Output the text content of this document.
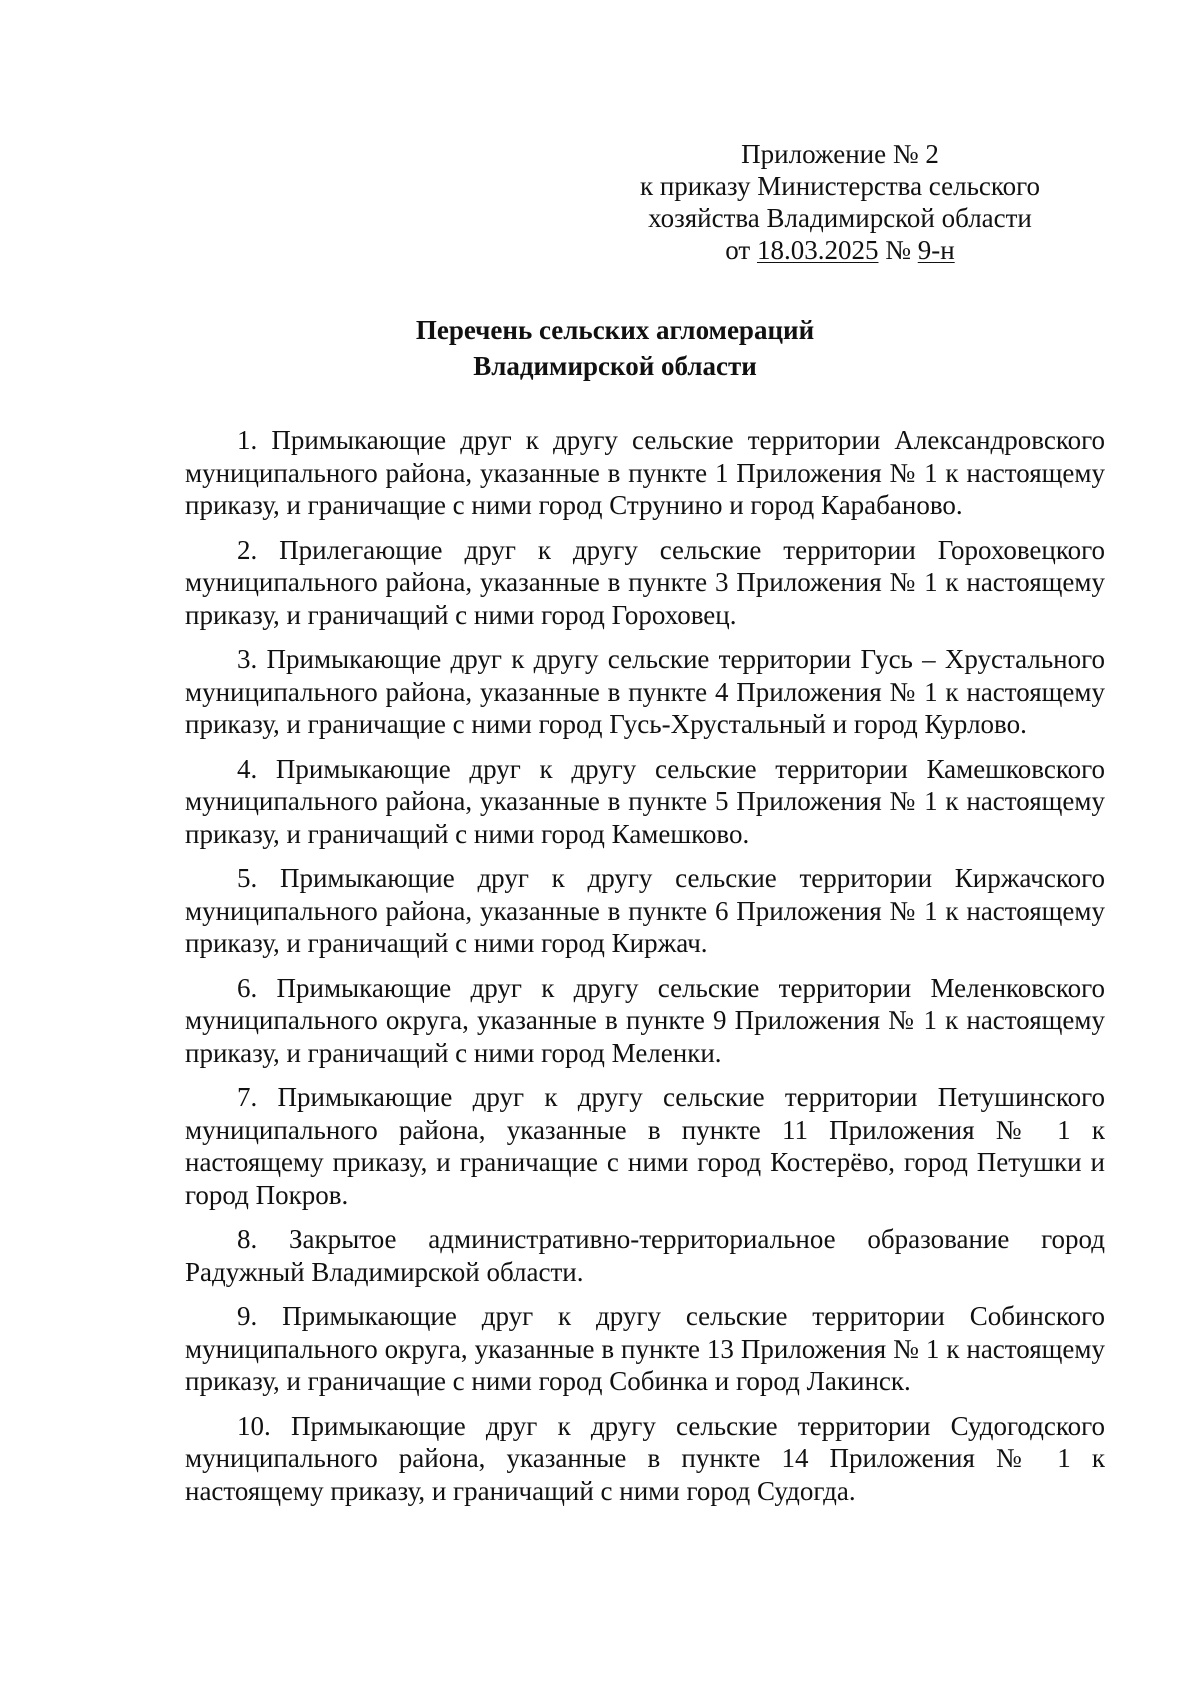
Приложение № 2
к приказу Министерства сельского
хозяйства Владимирской области
от 18.03.2025 № 9-н
Перечень сельских агломераций
Владимирской области

1. Примыкающие друг к другу сельские территории Александровского муниципального района, указанные в пункте 1 Приложения № 1 к настоящему приказу, и граничащие с ними город Струнино и город Карабаново.

2. Прилегающие друг к другу сельские территории Гороховецкого муниципального района, указанные в пункте 3 Приложения № 1 к настоящему приказу, и граничащий с ними город Гороховец.

3. Примыкающие друг к другу сельские территории Гусь – Хрустального муниципального района, указанные в пункте 4 Приложения № 1 к настоящему приказу, и граничащие с ними город Гусь-Хрустальный и город Курлово.

4. Примыкающие друг к другу сельские территории Камешковского муниципального района, указанные в пункте 5 Приложения № 1 к настоящему приказу, и граничащий с ними город Камешково.

5. Примыкающие друг к другу сельские территории Киржачского муниципального района, указанные в пункте 6 Приложения № 1 к настоящему приказу, и граничащий с ними город Киржач.

6. Примыкающие друг к другу сельские территории Меленковского муниципального округа, указанные в пункте 9 Приложения № 1 к настоящему приказу, и граничащий с ними город Меленки.

7. Примыкающие друг к другу сельские территории Петушинского муниципального района, указанные в пункте 11 Приложения № 1 к настоящему приказу, и граничащие с ними город Костерёво, город Петушки и город Покров.

8. Закрытое административно-территориальное образование город Радужный Владимирской области.

9. Примыкающие друг к другу сельские территории Собинского муниципального округа, указанные в пункте 13 Приложения № 1 к настоящему приказу, и граничащие с ними город Собинка и город Лакинск.

10. Примыкающие друг к другу сельские территории Судогодского муниципального района, указанные в пункте 14 Приложения № 1 к настоящему приказу, и граничащий с ними город Судогда.
